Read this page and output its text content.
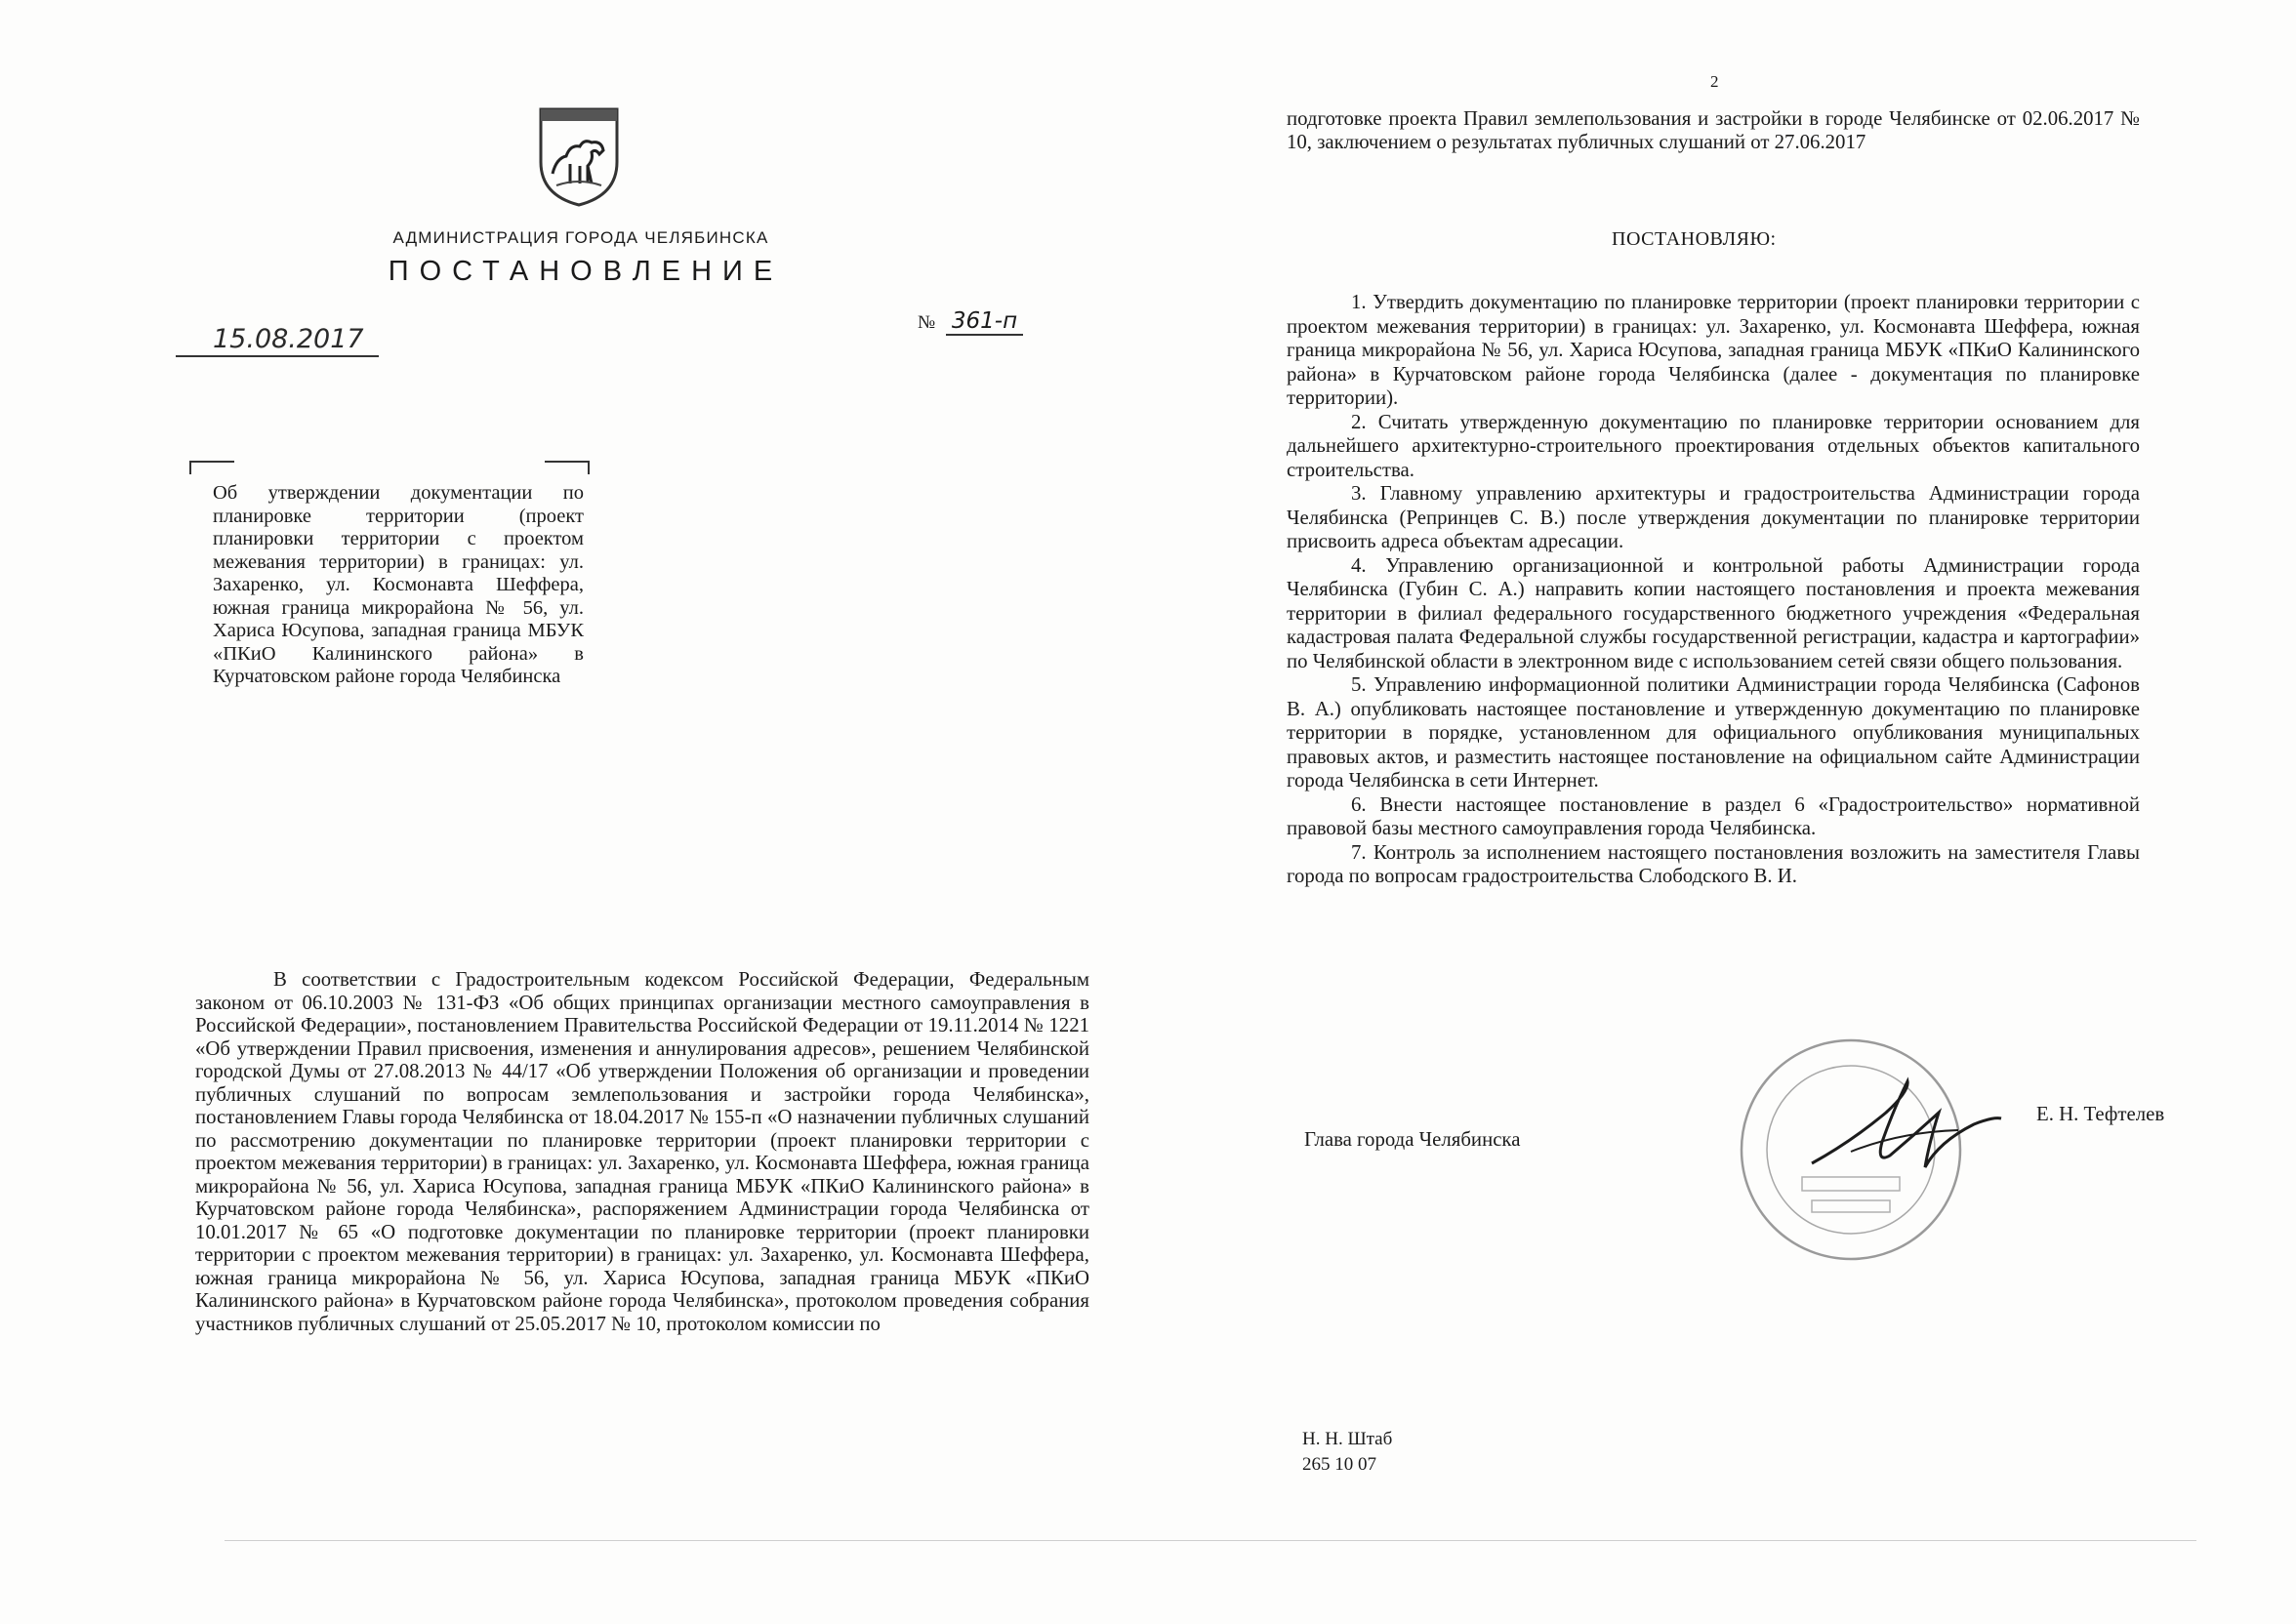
АДМИНИСТРАЦИЯ ГОРОДА ЧЕЛЯБИНСКА
ПОСТАНОВЛЕНИЕ
15.08.2017
№ 361-п

Об утверждении документации по планировке территории (проект планировки территории с проектом межевания территории) в границах: ул. Захаренко, ул. Космонавта Шеффера, южная граница микрорайона № 56, ул. Хариса Юсупова, западная граница МБУК «ПКиО Калининского района» в Курчатовском районе города Челябинска

В соответствии с Градостроительным кодексом Российской Федерации, Федеральным законом от 06.10.2003 № 131-ФЗ «Об общих принципах организации местного самоуправления в Российской Федерации», постановлением Правительства Российской Федерации от 19.11.2014 № 1221 «Об утверждении Правил присвоения, изменения и аннулирования адресов», решением Челябинской городской Думы от 27.08.2013 № 44/17 «Об утверждении Положения об организации и проведении публичных слушаний по вопросам землепользования и застройки города Челябинска», постановлением Главы города Челябинска от 18.04.2017 № 155-п «О назначении публичных слушаний по рассмотрению документации по планировке территории (проект планировки территории с проектом межевания территории) в границах: ул. Захаренко, ул. Космонавта Шеффера, южная граница микрорайона № 56, ул. Хариса Юсупова, западная граница МБУК «ПКиО Калининского района» в Курчатовском районе города Челябинска», распоряжением Администрации города Челябинска от 10.01.2017 № 65 «О подготовке документации по планировке территории (проект планировки территории с проектом межевания территории) в границах: ул. Захаренко, ул. Космонавта Шеффера, южная граница микрорайона № 56, ул. Хариса Юсупова, западная граница МБУК «ПКиО Калининского района» в Курчатовском районе города Челябинска», протоколом проведения собрания участников публичных слушаний от 25.05.2017 № 10, протоколом комиссии по

2

подготовке проекта Правил землепользования и застройки в городе Челябинске от 02.06.2017 № 10, заключением о результатах публичных слушаний от 27.06.2017

ПОСТАНОВЛЯЮ:
1. Утвердить документацию по планировке территории (проект планировки территории с проектом межевания территории) в границах: ул. Захаренко, ул. Космонавта Шеффера, южная граница микрорайона № 56, ул. Хариса Юсупова, западная граница МБУК «ПКиО Калининского района» в Курчатовском районе города Челябинска (далее - документация по планировке территории).
2. Считать утвержденную документацию по планировке территории основанием для дальнейшего архитектурно-строительного проектирования отдельных объектов капитального строительства.
3. Главному управлению архитектуры и градостроительства Администрации города Челябинска (Репринцев С. В.) после утверждения документации по планировке территории присвоить адреса объектам адресации.
4. Управлению организационной и контрольной работы Администрации города Челябинска (Губин С. А.) направить копии настоящего постановления и проекта межевания территории в филиал федерального государственного бюджетного учреждения «Федеральная кадастровая палата Федеральной службы государственной регистрации, кадастра и картографии» по Челябинской области в электронном виде с использованием сетей связи общего пользования.
5. Управлению информационной политики Администрации города Челябинска (Сафонов В. А.) опубликовать настоящее постановление и утвержденную документацию по планировке территории в порядке, установленном для официального опубликования муниципальных правовых актов, и разместить настоящее постановление на официальном сайте Администрации города Челябинска в сети Интернет.
6. Внести настоящее постановление в раздел 6 «Градостроительство» нормативной правовой базы местного самоуправления города Челябинска.
7. Контроль за исполнением настоящего постановления возложить на заместителя Главы города по вопросам градостроительства Слободского В. И.
Глава города Челябинска
Е. Н. Тефтелев
Н. Н. Штаб
265 10 07
